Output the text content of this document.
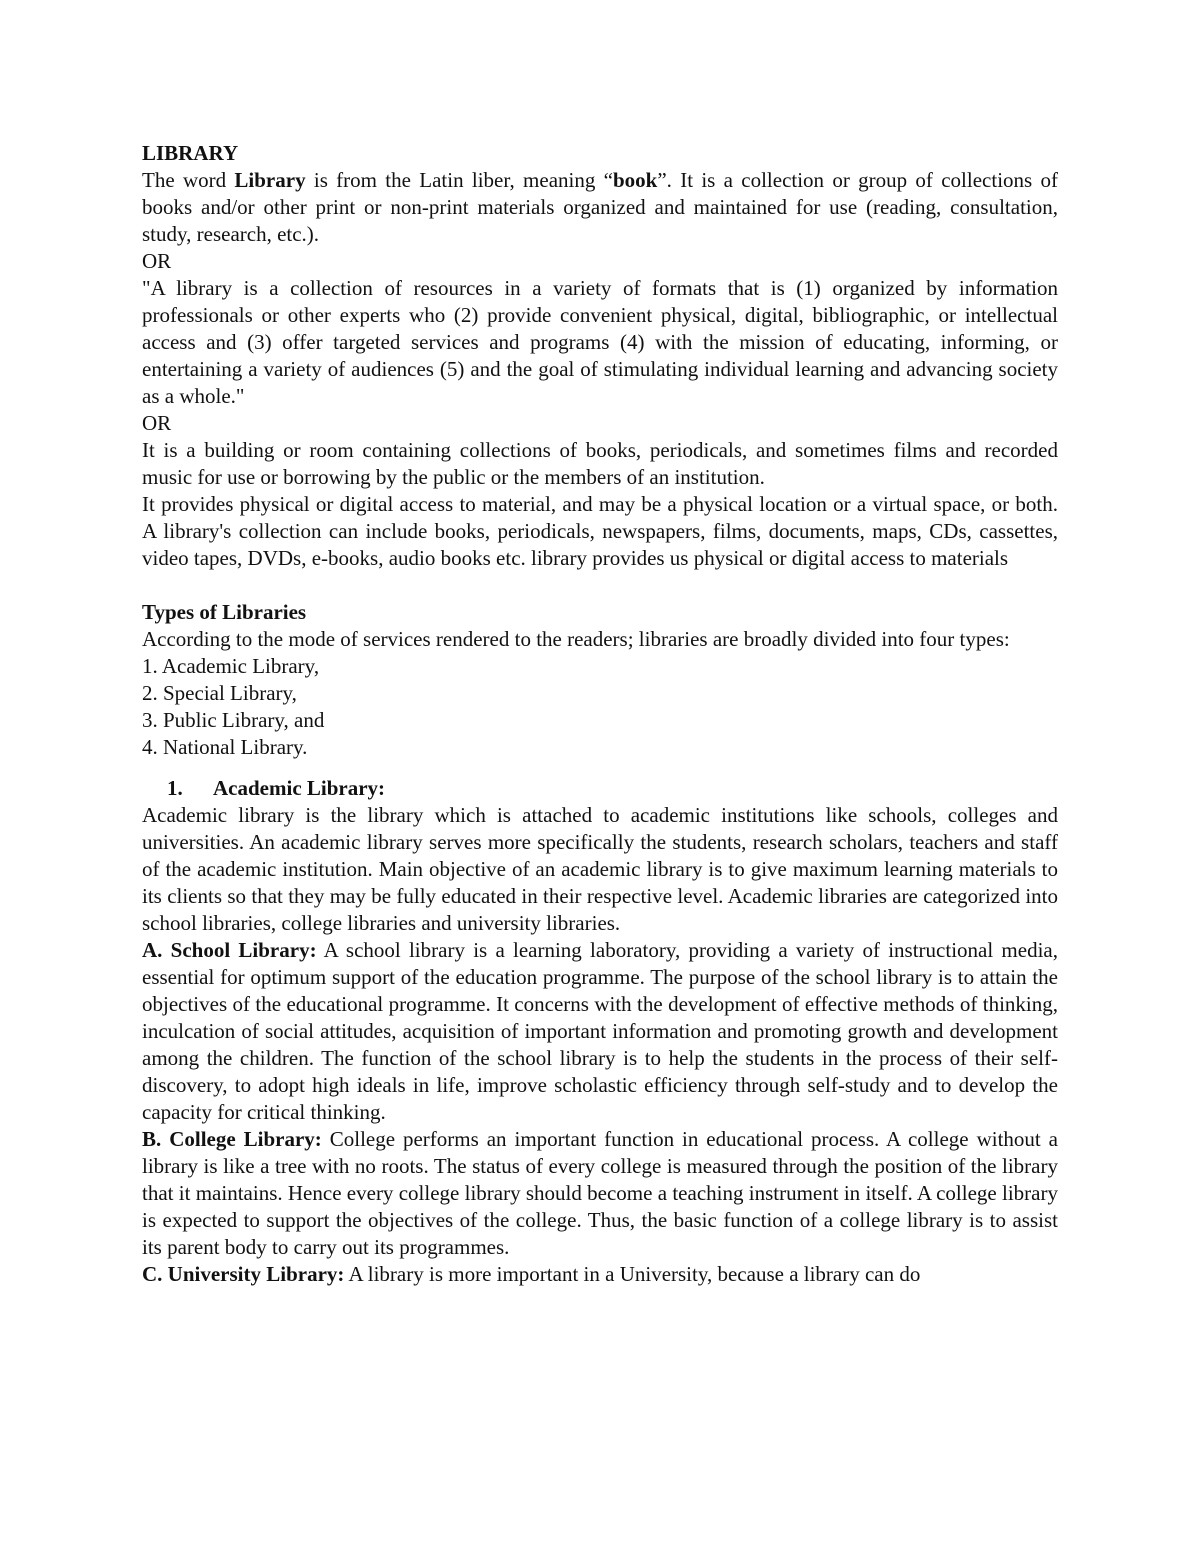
LIBRARY

The word Library is from the Latin liber, meaning “book”. It is a collection or group of collections of books and/or other print or non-print materials organized and maintained for use (reading, consultation, study, research, etc.).

OR

"A library is a collection of resources in a variety of formats that is (1) organized by information professionals or other experts who (2) provide convenient physical, digital, bibliographic, or intellectual access and (3) offer targeted services and programs (4) with the mission of educating, informing, or entertaining a variety of audiences (5) and the goal of stimulating individual learning and advancing society as a whole."

OR

It is a building or room containing collections of books, periodicals, and sometimes films and recorded music for use or borrowing by the public or the members of an institution.

It provides physical or digital access to material, and may be a physical location or a virtual space, or both. A library's collection can include books, periodicals, newspapers, films, documents, maps, CDs, cassettes, video tapes, DVDs, e-books, audio books etc. library provides us physical or digital access to materials

Types of Libraries

According to the mode of services rendered to the readers; libraries are broadly divided into four types:

1. Academic Library,

2. Special Library,

3. Public Library, and

4. National Library.

1. Academic Library:

Academic library is the library which is attached to academic institutions like schools, colleges and universities. An academic library serves more specifically the students, research scholars, teachers and staff of the academic institution. Main objective of an academic library is to give maximum learning materials to its clients so that they may be fully educated in their respective level. Academic libraries are categorized into school libraries, college libraries and university libraries.

A. School Library: A school library is a learning laboratory, providing a variety of instructional media, essential for optimum support of the education programme. The purpose of the school library is to attain the objectives of the educational programme. It concerns with the development of effective methods of thinking, inculcation of social attitudes, acquisition of important information and promoting growth and development among the children. The function of the school library is to help the students in the process of their self-discovery, to adopt high ideals in life, improve scholastic efficiency through self-study and to develop the capacity for critical thinking.

B. College Library: College performs an important function in educational process. A college without a library is like a tree with no roots. The status of every college is measured through the position of the library that it maintains. Hence every college library should become a teaching instrument in itself. A college library is expected to support the objectives of the college. Thus, the basic function of a college library is to assist its parent body to carry out its programmes.

C. University Library: A library is more important in a University, because a library can do
